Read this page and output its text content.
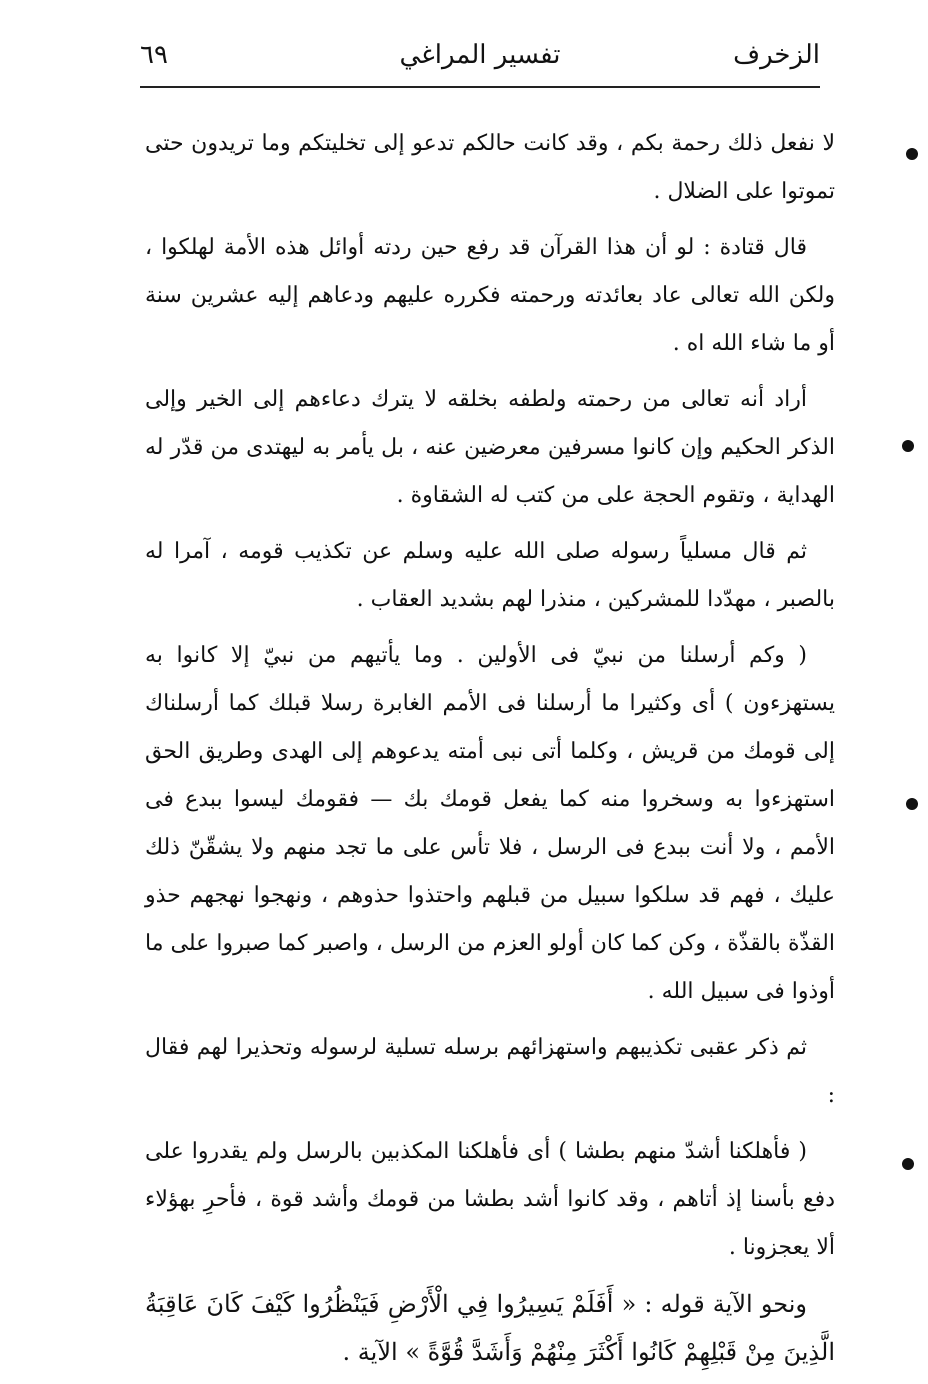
الزخرف
تفسير المراغي
٦٩

لا نفعل ذلك رحمة بكم ، وقد كانت حالكم تدعو إلى تخليتكم وما تريدون حتى تموتوا على الضلال .

قال قتادة : لو أن هذا القرآن قد رفع حين ردته أوائل هذه الأمة لهلكوا ، ولكن الله تعالى عاد بعائدته ورحمته فكرره عليهم ودعاهم إليه عشرين سنة أو ما شاء الله اه .

أراد أنه تعالى من رحمته ولطفه بخلقه لا يترك دعاءهم إلى الخير وإلى الذكر الحكيم وإن كانوا مسرفين معرضين عنه ، بل يأمر به ليهتدى من قدّر له الهداية ، وتقوم الحجة على من كتب له الشقاوة .

ثم قال مسلياً رسوله صلى الله عليه وسلم عن تكذيب قومه ، آمرا له بالصبر ، مهدّدا للمشركين ، منذرا لهم بشديد العقاب .

( وكم أرسلنا من نبيّ فى الأولين . وما يأتيهم من نبيّ إلا كانوا به يستهزءون ) أى وكثيرا ما أرسلنا فى الأمم الغابرة رسلا قبلك كما أرسلناك إلى قومك من قريش ، وكلما أتى نبى أمته يدعوهم إلى الهدى وطريق الحق استهزءوا به وسخروا منه كما يفعل قومك بك — فقومك ليسوا ببدع فى الأمم ، ولا أنت ببدع فى الرسل ، فلا تأس على ما تجد منهم ولا يشقّنّ ذلك عليك ، فهم قد سلكوا سبيل من قبلهم واحتذوا حذوهم ، ونهجوا نهجهم حذو القذّة بالقذّة ، وكن كما كان أولو العزم من الرسل ، واصبر كما صبروا على ما أوذوا فى سبيل الله .

ثم ذكر عقبى تكذيبهم واستهزائهم برسله تسلية لرسوله وتحذيرا لهم فقال :

( فأهلكنا أشدّ منهم بطشا ) أى فأهلكنا المكذبين بالرسل ولم يقدروا على دفع بأسنا إذ أتاهم ، وقد كانوا أشد بطشا من قومك وأشد قوة ، فأحرِ بهؤلاء ألا يعجزونا .

ونحو الآية قوله : « أَفَلَمْ يَسِيرُوا فِي الْأَرْضِ فَيَنْظُرُوا كَيْفَ كَانَ عَاقِبَةُ الَّذِينَ مِنْ قَبْلِهِمْ كَانُوا أَكْثَرَ مِنْهُمْ وَأَشَدَّ قُوَّةً » الآية .
